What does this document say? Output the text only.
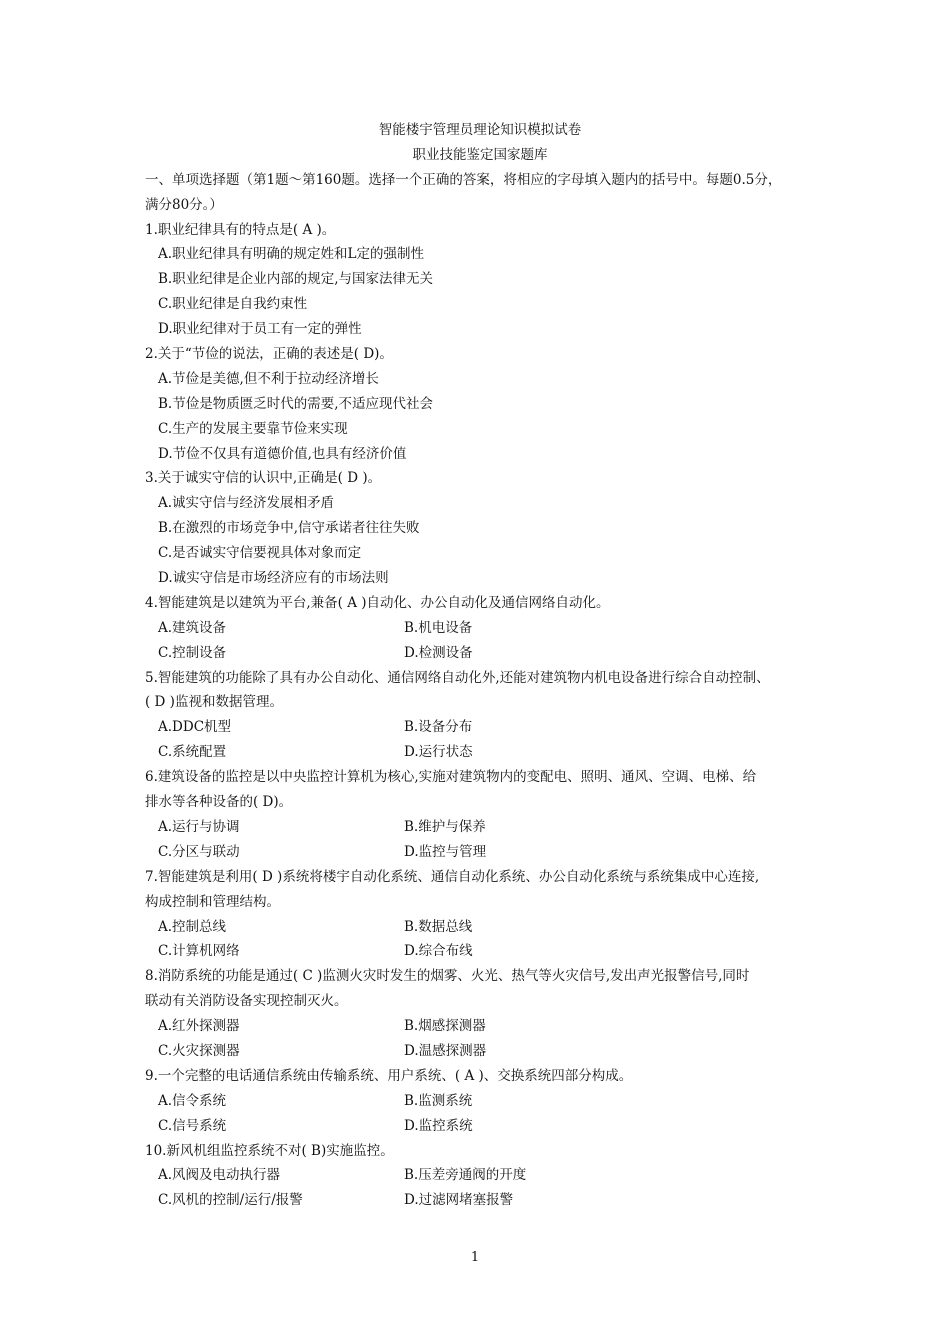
智能楼宇管理员理论知识模拟试卷
职业技能鉴定国家题库
一、单项选择题（第1题～第160题。选择一个正确的答案，将相应的字母填入题内的括号中。每题0.5分，
满分80分。）
1.职业纪律具有的特点是( A )。
A.职业纪律具有明确的规定姓和L定的强制性
B.职业纪律是企业内部的规定,与国家法律无关
C.职业纪律是自我约束性
D.职业纪律对于员工有一定的弹性
2.关于“节俭的说法，正确的表述是( D)。
A.节俭是美德,但不利于拉动经济增长
B.节俭是物质匮乏时代的需要,不适应现代社会
C.生产的发展主要靠节俭来实现
D.节俭不仅具有道德价值,也具有经济价值
3.关于诚实守信的认识中,正确是( D )。
A.诚实守信与经济发展相矛盾
B.在激烈的市场竞争中,信守承诺者往往失败
C.是否诚实守信要视具体对象而定
D.诚实守信是市场经济应有的市场法则
4.智能建筑是以建筑为平台,兼备( A )自动化、办公自动化及通信网络自动化。
A.建筑设备	B.机电设备
C.控制设备	D.检测设备
5.智能建筑的功能除了具有办公自动化、通信网络自动化外,还能对建筑物内机电设备进行综合自动控制、
( D )监视和数据管理。
A.DDC机型	B.设备分布
C.系统配置	D.运行状态
6.建筑设备的监控是以中央监控计算机为核心,实施对建筑物内的变配电、照明、通风、空调、电梯、给
排水等各种设备的( D)。
A.运行与协调	B.维护与保养
C.分区与联动	D.监控与管理
7.智能建筑是利用( D )系统将楼宇自动化系统、通信自动化系统、办公自动化系统与系统集成中心连接,
构成控制和管理结构。
A.控制总线	B.数据总线
C.计算机网络	D.综合布线
8.消防系统的功能是通过( C )监测火灾时发生的烟雾、火光、热气等火灾信号,发出声光报警信号,同时
联动有关消防设备实现控制灭火。
A.红外探测器	B.烟感探测器
C.火灾探测器	D.温感探测器
9.一个完整的电话通信系统由传输系统、用户系统、( A )、交换系统四部分构成。
A.信令系统	B.监测系统
C.信号系统	D.监控系统
10.新风机组监控系统不对( B)实施监控。
A.风阀及电动执行器	B.压差旁通阀的开度
C.风机的控制/运行/报警	D.过滤网堵塞报警
1
